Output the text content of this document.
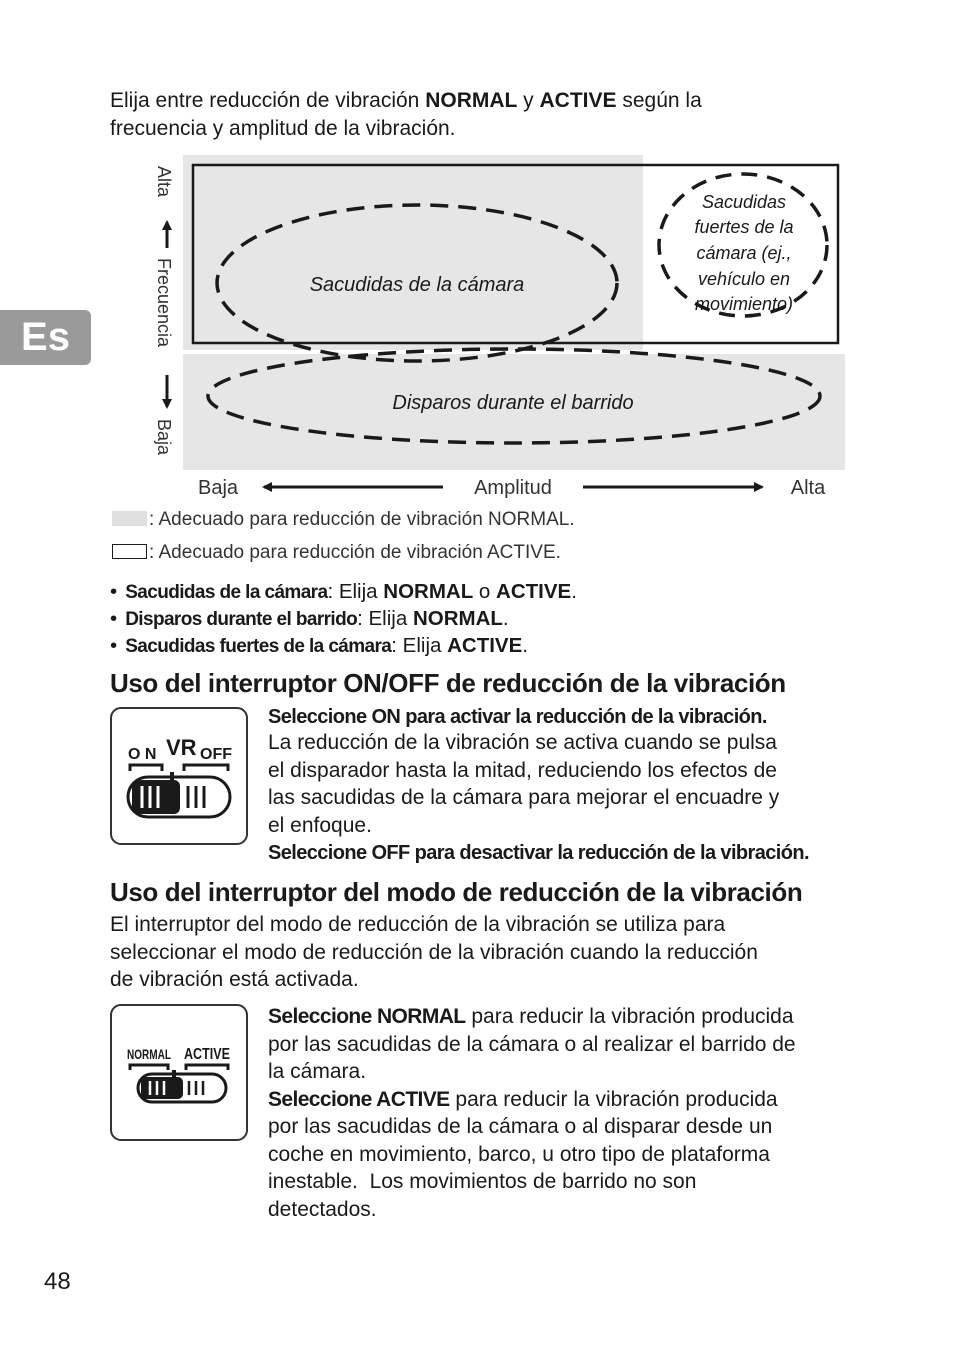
Es
Elija entre reducción de vibración NORMAL y ACTIVE según la
frecuencia y amplitud de la vibración.
Sacudidas de la cámara
Disparos durante el barrido
Sacudidas
fuertes de la
cámara (ej.,
vehículo en
movimiento)
Alta
Frecuencia
Baja
Baja	Amplitud	Alta
: Adecuado para reducción de vibración NORMAL.
: Adecuado para reducción de vibración ACTIVE.
• Sacudidas de la cámara: Elija NORMAL o ACTIVE.
• Disparos durante el barrido: Elija NORMAL.
• Sacudidas fuertes de la cámara: Elija ACTIVE.
Uso del interruptor ON/OFF de reducción de la vibración
O N VR OFF
Seleccione ON para activar la reducción de la vibración.
La reducción de la vibración se activa cuando se pulsa
el disparador hasta la mitad, reduciendo los efectos de
las sacudidas de la cámara para mejorar el encuadre y
el enfoque.
Seleccione OFF para desactivar la reducción de la vibración.
Uso del interruptor del modo de reducción de la vibración
El interruptor del modo de reducción de la vibración se utiliza para
seleccionar el modo de reducción de la vibración cuando la reducción
de vibración está activada.
NORMAL ACTIVE
Seleccione NORMAL para reducir la vibración producida
por las sacudidas de la cámara o al realizar el barrido de
la cámara.
Seleccione ACTIVE para reducir la vibración producida
por las sacudidas de la cámara o al disparar desde un
coche en movimiento, barco, u otro tipo de plataforma
inestable.  Los movimientos de barrido no son
detectados.
48
